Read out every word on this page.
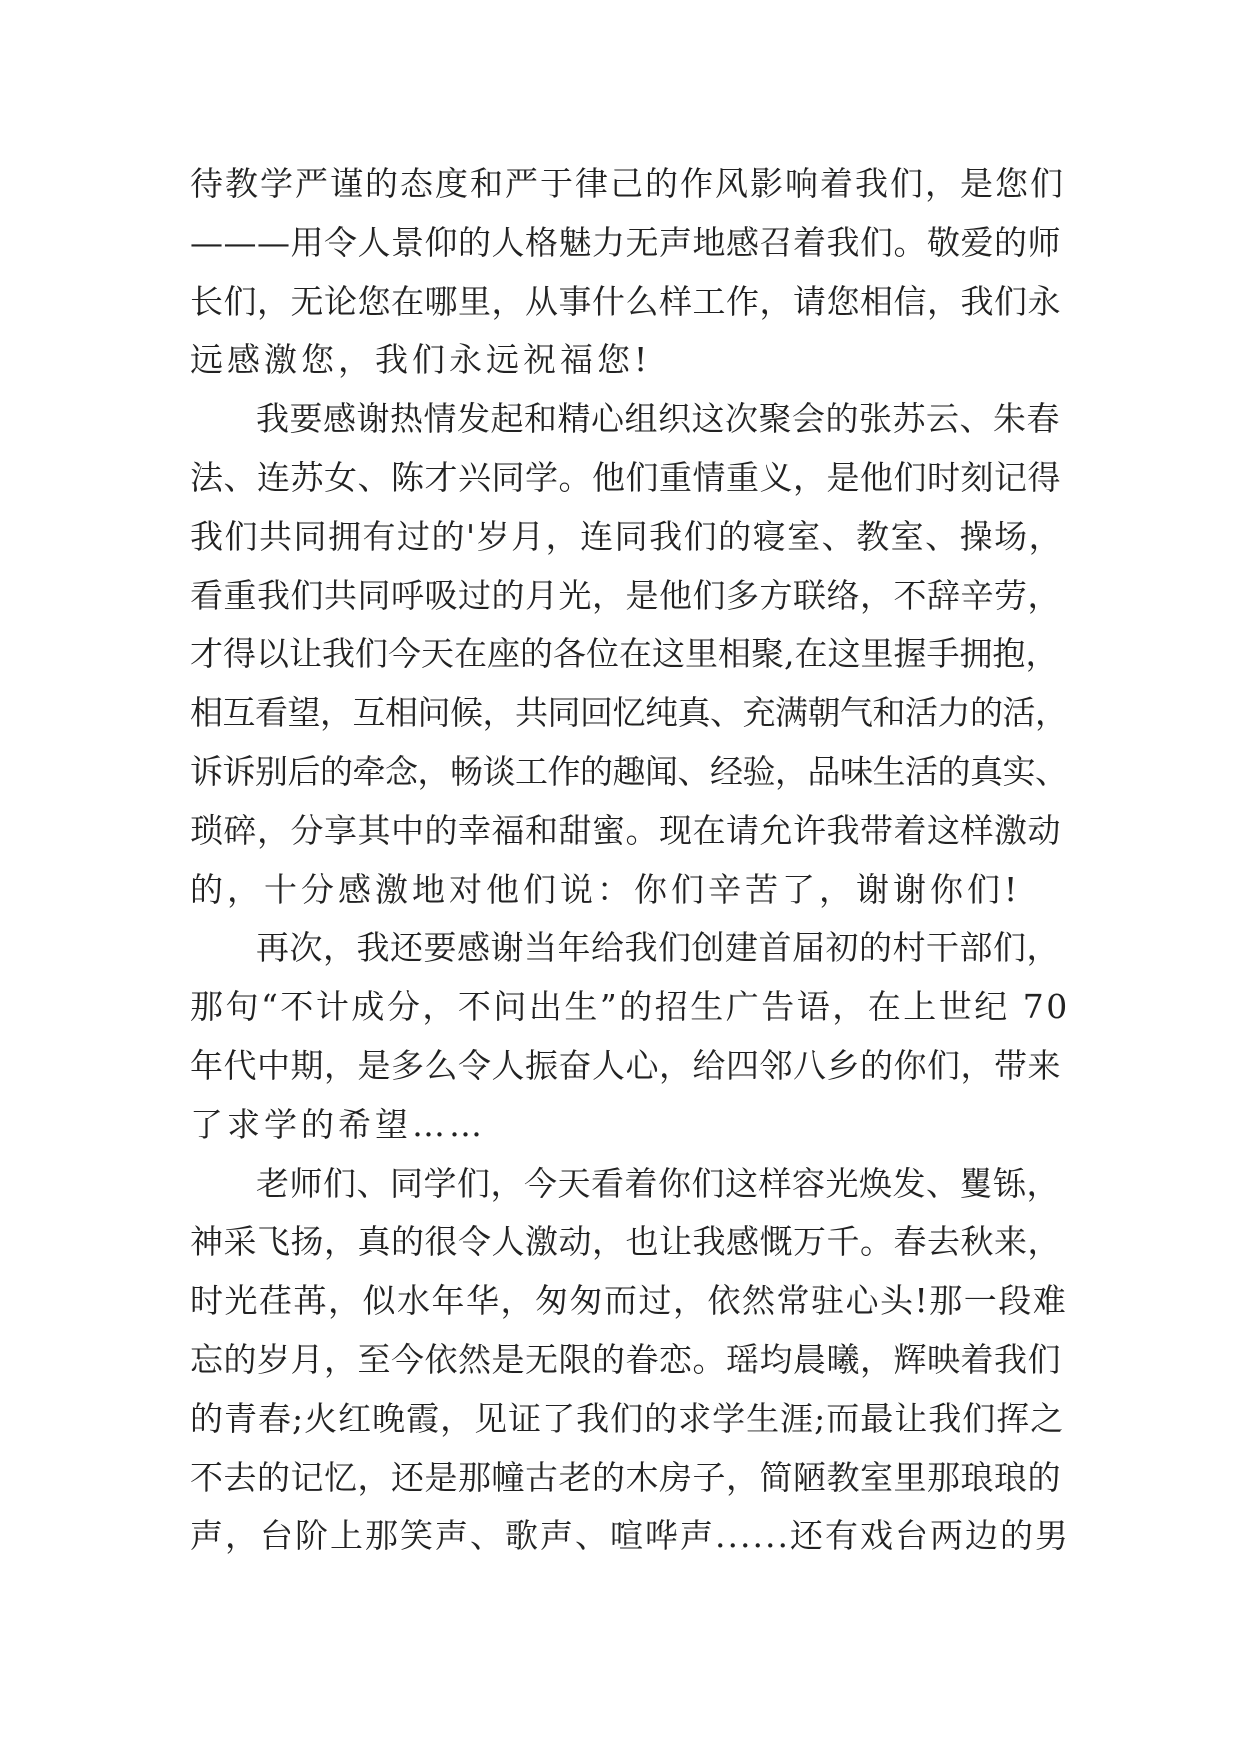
待教学严谨的态度和严于律己的作风影响着我们，是您们

———用令人景仰的人格魅力无声地感召着我们。敬爱的师

长们，无论您在哪里，从事什么样工作，请您相信，我们永

远感激您，我们永远祝福您!

我要感谢热情发起和精心组织这次聚会的张苏云、朱春

法、连苏女、陈才兴同学。他们重情重义，是他们时刻记得

我们共同拥有过的'岁月，连同我们的寝室、教室、操场，

看重我们共同呼吸过的月光，是他们多方联络，不辞辛劳，

才得以让我们今天在座的各位在这里相聚,在这里握手拥抱，

相互看望，互相问候，共同回忆纯真、充满朝气和活力的活，

诉诉别后的牵念，畅谈工作的趣闻、经验，品味生活的真实、

琐碎，分享其中的幸福和甜蜜。现在请允许我带着这样激动

的，十分感激地对他们说：你们辛苦了，谢谢你们!

再次，我还要感谢当年给我们创建首届初的村干部们，

那句“不计成分，不问出生”的招生广告语，在上世纪 70

年代中期，是多么令人振奋人心，给四邻八乡的你们，带来

了求学的希望……

老师们、同学们，今天看着你们这样容光焕发、矍铄，

神采飞扬，真的很令人激动，也让我感慨万千。春去秋来，

时光荏苒，似水年华，匆匆而过，依然常驻心头!那一段难

忘的岁月，至今依然是无限的眷恋。瑶均晨曦，辉映着我们

的青春;火红晚霞，见证了我们的求学生涯;而最让我们挥之

不去的记忆，还是那幢古老的木房子，简陋教室里那琅琅的

声，台阶上那笑声、歌声、喧哗声......还有戏台两边的男
